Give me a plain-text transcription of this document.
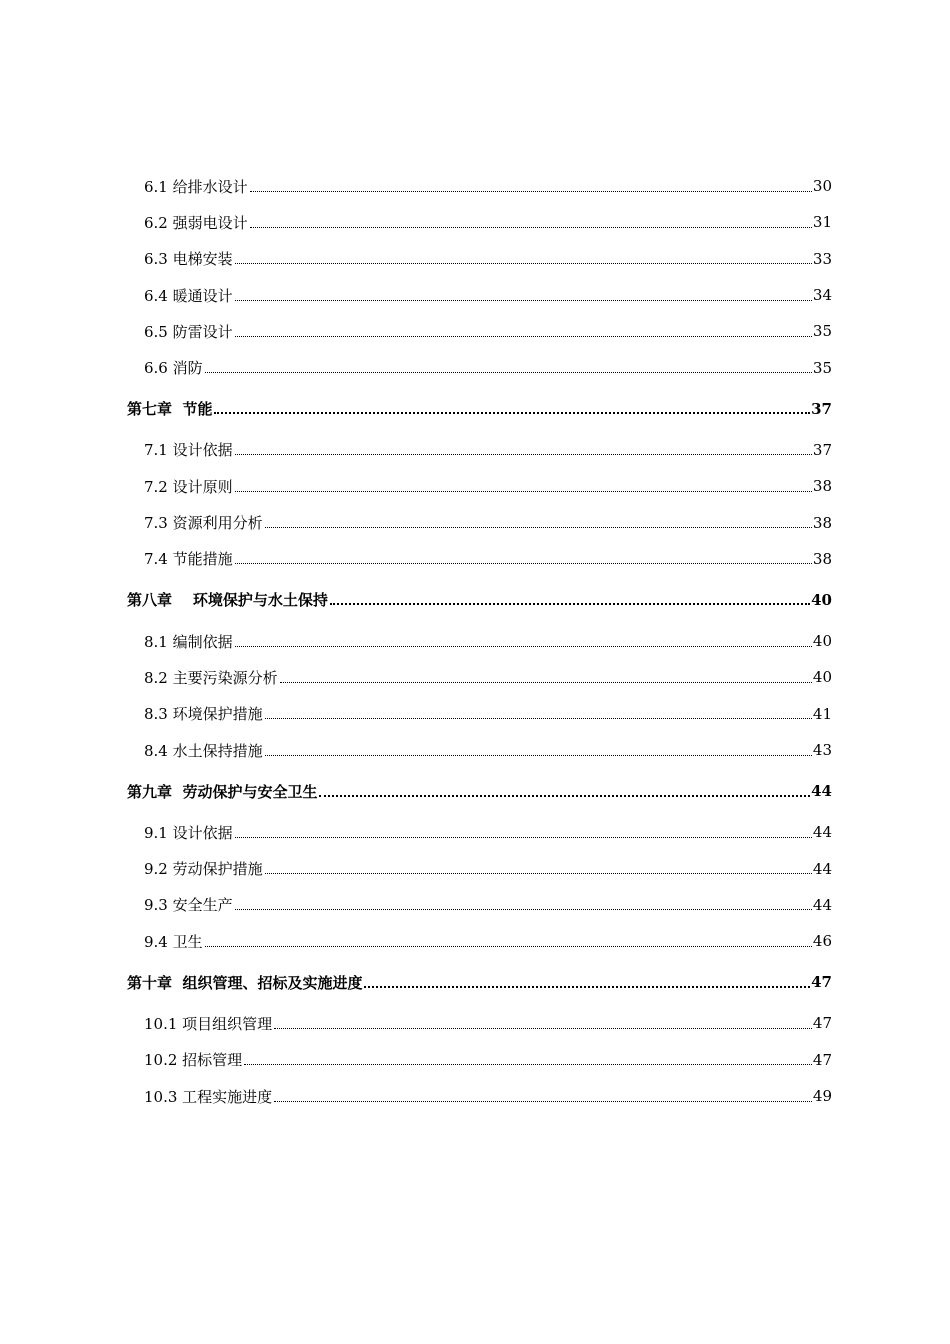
6.1 给排水设计	30
6.2 强弱电设计	31
6.3 电梯安装	33
6.4 暖通设计	34
6.5 防雷设计	35
6.6 消防	35
第七章  节能	37
7.1 设计依据	37
7.2 设计原则	38
7.3 资源利用分析	38
7.4 节能措施	38
第八章    环境保护与水土保持	40
8.1 编制依据	40
8.2 主要污染源分析	40
8.3 环境保护措施	41
8.4 水土保持措施	43
第九章  劳动保护与安全卫生	44
9.1 设计依据	44
9.2 劳动保护措施	44
9.3 安全生产	44
9.4 卫生	46
第十章  组织管理、招标及实施进度	47
10.1 项目组织管理	47
10.2 招标管理	47
10.3 工程实施进度	49
